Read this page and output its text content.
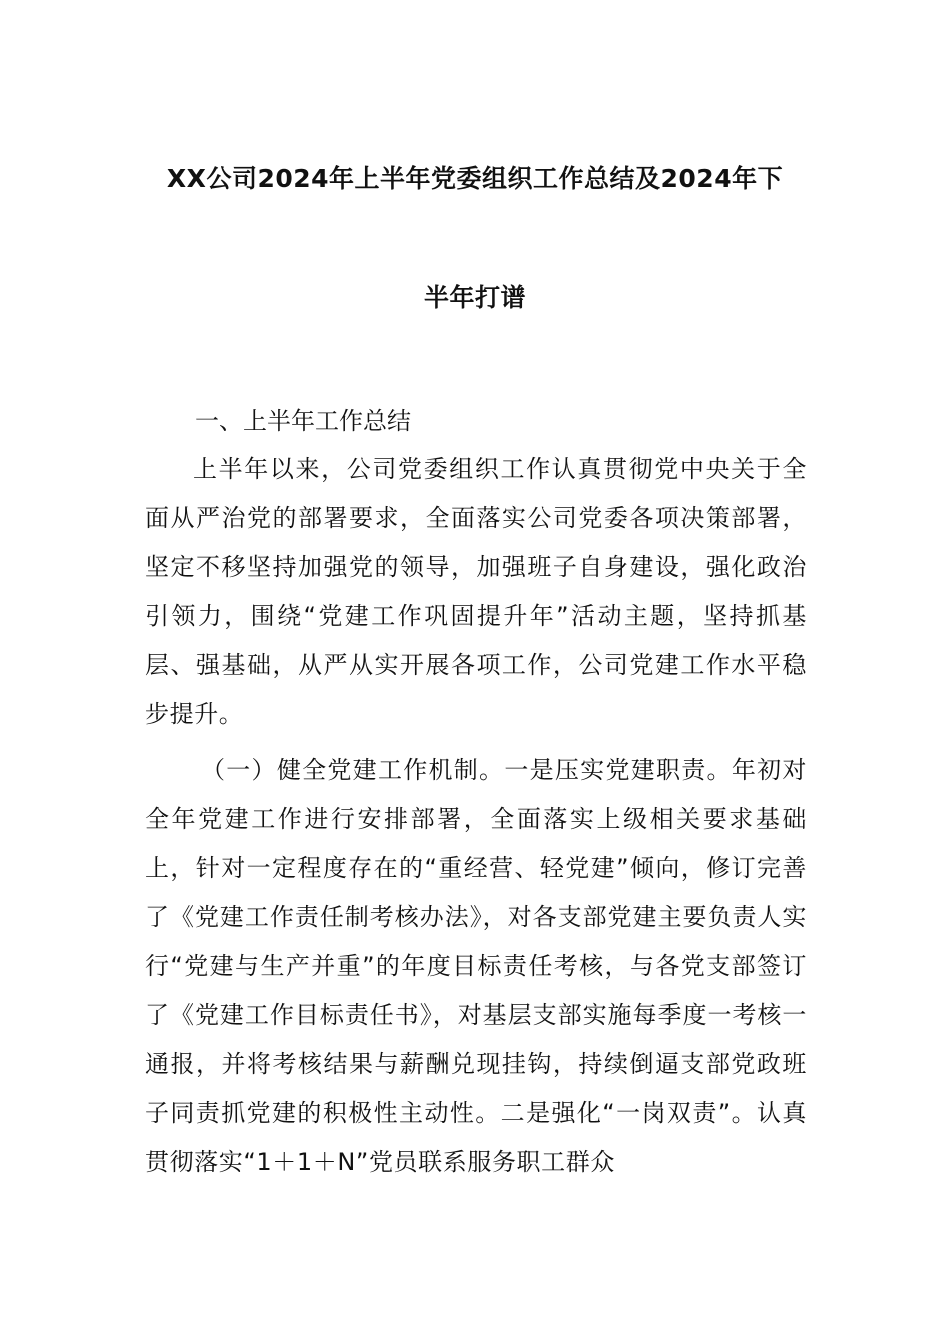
XX公司2024年上半年党委组织工作总结及2024年下
半年打谱
一、上半年工作总结

上半年以来，公司党委组织工作认真贯彻党中央关于全面从严治党的部署要求，全面落实公司党委各项决策部署，坚定不移坚持加强党的领导，加强班子自身建设，强化政治引领力，围绕“党建工作巩固提升年”活动主题，坚持抓基层、强基础，从严从实开展各项工作，公司党建工作水平稳步提升。

（一）健全党建工作机制。一是压实党建职责。年初对全年党建工作进行安排部署，全面落实上级相关要求基础上，针对一定程度存在的“重经营、轻党建”倾向，修订完善了《党建工作责任制考核办法》，对各支部党建主要负责人实行“党建与生产并重”的年度目标责任考核，与各党支部签订了《党建工作目标责任书》，对基层支部实施每季度一考核一通报，并将考核结果与薪酬兑现挂钩，持续倒逼支部党政班子同责抓党建的积极性主动性。二是强化“一岗双责”。认真贯彻落实“1＋1＋N”党员联系服务职工群众
